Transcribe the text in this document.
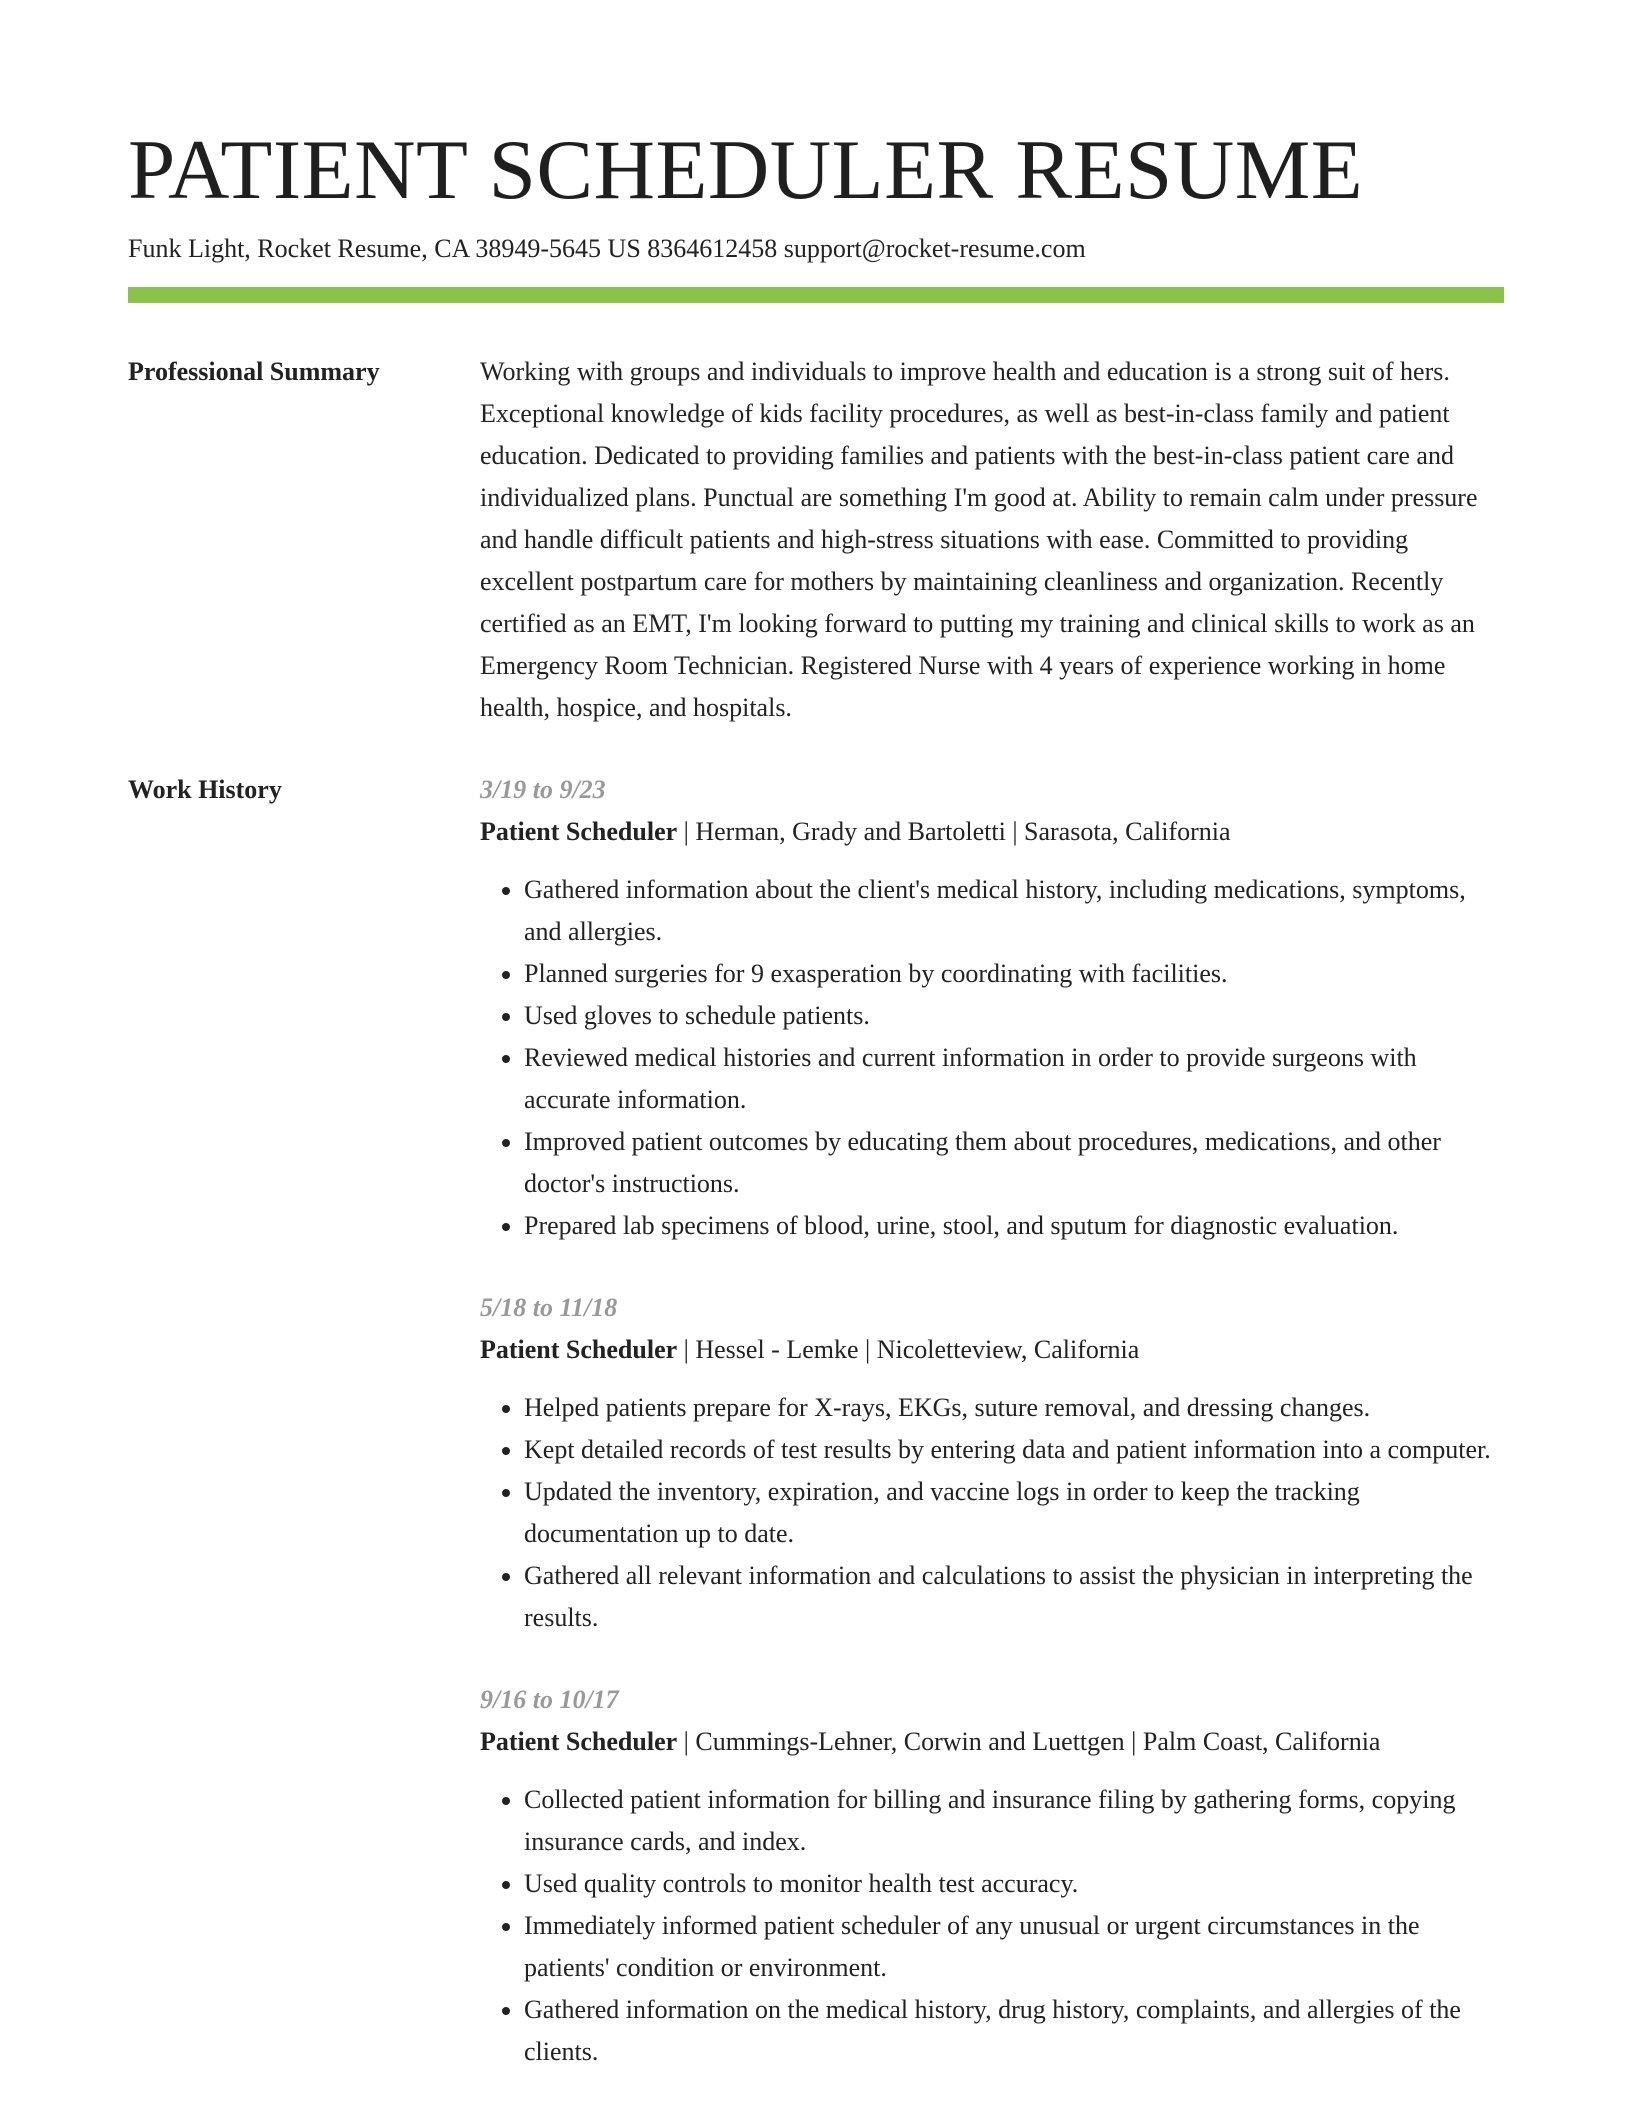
PATIENT SCHEDULER RESUME
Funk Light, Rocket Resume, CA 38949-5645 US 8364612458 support@rocket-resume.com
Professional Summary	Working with groups and individuals to improve health and education is a strong suit of hers. Exceptional knowledge of kids facility procedures, as well as best-in-class family and patient education. Dedicated to providing families and patients with the best-in-class patient care and individualized plans. Punctual are something I'm good at. Ability to remain calm under pressure and handle difficult patients and high-stress situations with ease. Committed to providing excellent postpartum care for mothers by maintaining cleanliness and organization. Recently certified as an EMT, I'm looking forward to putting my training and clinical skills to work as an Emergency Room Technician. Registered Nurse with 4 years of experience working in home health, hospice, and hospitals.

Work History	3/19 to 9/23
Patient Scheduler | Herman, Grady and Bartoletti | Sarasota, California
• Gathered information about the client's medical history, including medications, symptoms, and allergies.
• Planned surgeries for 9 exasperation by coordinating with facilities.
• Used gloves to schedule patients.
• Reviewed medical histories and current information in order to provide surgeons with accurate information.
• Improved patient outcomes by educating them about procedures, medications, and other doctor's instructions.
• Prepared lab specimens of blood, urine, stool, and sputum for diagnostic evaluation.
5/18 to 11/18
Patient Scheduler | Hessel - Lemke | Nicoletteview, California
• Helped patients prepare for X-rays, EKGs, suture removal, and dressing changes.
• Kept detailed records of test results by entering data and patient information into a computer.
• Updated the inventory, expiration, and vaccine logs in order to keep the tracking documentation up to date.
• Gathered all relevant information and calculations to assist the physician in interpreting the results.
9/16 to 10/17
Patient Scheduler | Cummings-Lehner, Corwin and Luettgen | Palm Coast, California
• Collected patient information for billing and insurance filing by gathering forms, copying insurance cards, and index.
• Used quality controls to monitor health test accuracy.
• Immediately informed patient scheduler of any unusual or urgent circumstances in the patients' condition or environment.
• Gathered information on the medical history, drug history, complaints, and allergies of the clients.
